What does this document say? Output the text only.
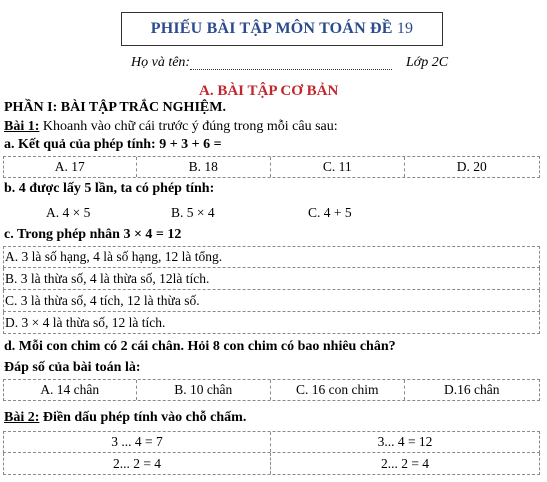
PHIẾU BÀI TẬP MÔN TOÁN ĐỀ 19
Họ và tên:	Lớp 2C
A. BÀI TẬP CƠ BẢN
PHẦN I: BÀI TẬP TRẮC NGHIỆM.
Bài 1: Khoanh vào chữ cái trước ý đúng trong mỗi câu sau:
a. Kết quả của phép tính: 9 + 3 + 6 =
A. 17	B. 18	C. 11	D. 20
b. 4 được lấy 5 lần, ta có phép tính:
A. 4 × 5	B. 5 × 4	C. 4 + 5
c. Trong phép nhân 3 × 4 = 12
A. 3 là số hạng, 4 là số hạng, 12 là tổng.
B. 3 là thừa số, 4 là thừa số, 12là tích.
C. 3 là thừa số, 4 tích, 12 là thừa số.
D. 3 × 4 là thừa số, 12 là tích.
d. Mỗi con chim có 2 cái chân. Hỏi 8 con chim có bao nhiêu chân?
Đáp số của bài toán là:
A. 14 chân	B. 10 chân	C. 16 con chim	D.16 chân
Bài 2: Điền dấu phép tính vào chỗ chấm.
3 ... 4 = 7	3... 4 = 12
2... 2 = 4	2... 2 = 4
